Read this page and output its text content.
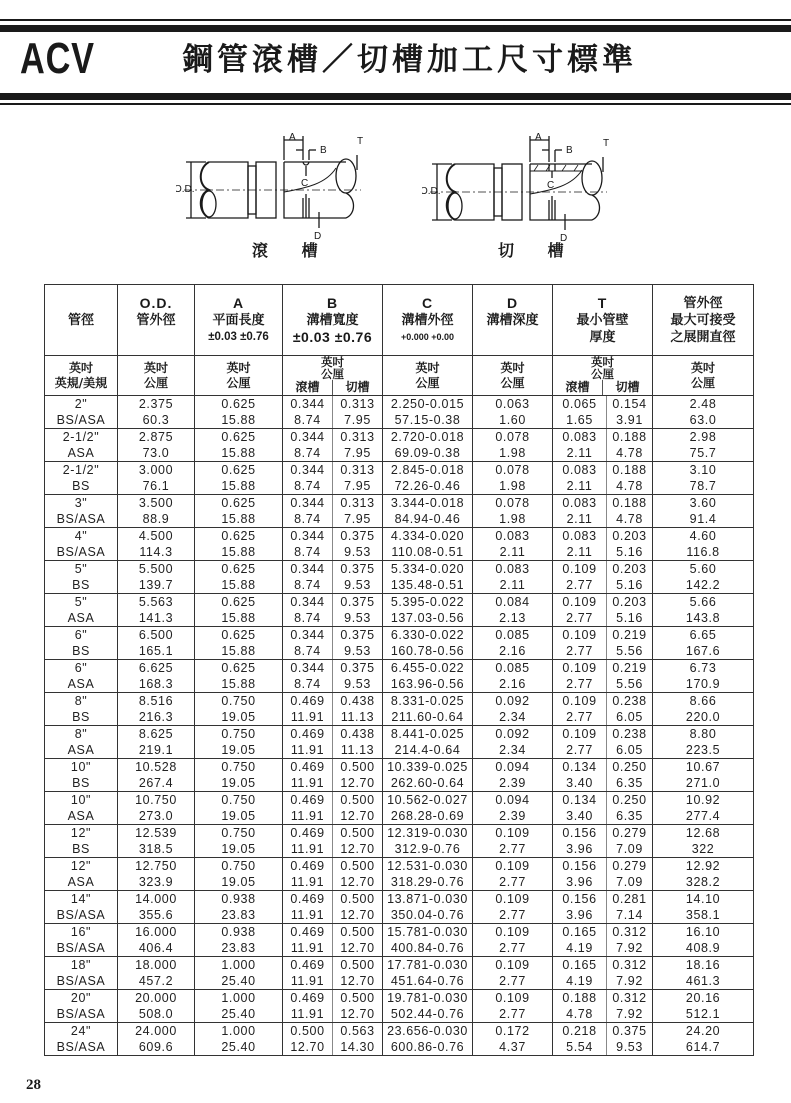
ACV	鋼管滾槽／切槽加工尺寸標準
O.D.
A
B
C
D
T
滾 槽
O.D.
A
B
C
D
T
切 槽
管徑	O.D.
管外徑	A
平面長度
±0.03 ±0.76	B
溝槽寬度
±0.03 ±0.76		C
溝槽外徑
+0.000 +0.00	D
溝槽深度	T
最小管壁
厚度		管外徑
最大可接受
之展開直徑

英吋
英規/美規	英吋
公厘	英吋
公厘	英吋
公厘
滾槽 切槽		英吋
公厘	英吋
公厘	英吋
公厘
滾槽 切槽		英吋
公厘

2"
BS/ASA	2.375
60.3	0.625
15.88	0.344
8.74	0.313
7.95	2.250-0.015
57.15-0.38	0.063
1.60	0.065
1.65	0.154
3.91	2.48
63.0

2-1/2"
ASA	2.875
73.0	0.625
15.88	0.344
8.74	0.313
7.95	2.720-0.018
69.09-0.38	0.078
1.98	0.083
2.11	0.188
4.78	2.98
75.7

2-1/2"
BS	3.000
76.1	0.625
15.88	0.344
8.74	0.313
7.95	2.845-0.018
72.26-0.46	0.078
1.98	0.083
2.11	0.188
4.78	3.10
78.7

3"
BS/ASA	3.500
88.9	0.625
15.88	0.344
8.74	0.313
7.95	3.344-0.018
84.94-0.46	0.078
1.98	0.083
2.11	0.188
4.78	3.60
91.4

4"
BS/ASA	4.500
114.3	0.625
15.88	0.344
8.74	0.375
9.53	4.334-0.020
110.08-0.51	0.083
2.11	0.083
2.11	0.203
5.16	4.60
116.8

5"
BS	5.500
139.7	0.625
15.88	0.344
8.74	0.375
9.53	5.334-0.020
135.48-0.51	0.083
2.11	0.109
2.77	0.203
5.16	5.60
142.2

5"
ASA	5.563
141.3	0.625
15.88	0.344
8.74	0.375
9.53	5.395-0.022
137.03-0.56	0.084
2.13	0.109
2.77	0.203
5.16	5.66
143.8

6"
BS	6.500
165.1	0.625
15.88	0.344
8.74	0.375
9.53	6.330-0.022
160.78-0.56	0.085
2.16	0.109
2.77	0.219
5.56	6.65
167.6

6"
ASA	6.625
168.3	0.625
15.88	0.344
8.74	0.375
9.53	6.455-0.022
163.96-0.56	0.085
2.16	0.109
2.77	0.219
5.56	6.73
170.9

8"
BS	8.516
216.3	0.750
19.05	0.469
11.91	0.438
11.13	8.331-0.025
211.60-0.64	0.092
2.34	0.109
2.77	0.238
6.05	8.66
220.0

8"
ASA	8.625
219.1	0.750
19.05	0.469
11.91	0.438
11.13	8.441-0.025
214.4-0.64	0.092
2.34	0.109
2.77	0.238
6.05	8.80
223.5

10"
BS	10.528
267.4	0.750
19.05	0.469
11.91	0.500
12.70	10.339-0.025
262.60-0.64	0.094
2.39	0.134
3.40	0.250
6.35	10.67
271.0

10"
ASA	10.750
273.0	0.750
19.05	0.469
11.91	0.500
12.70	10.562-0.027
268.28-0.69	0.094
2.39	0.134
3.40	0.250
6.35	10.92
277.4

12"
BS	12.539
318.5	0.750
19.05	0.469
11.91	0.500
12.70	12.319-0.030
312.9-0.76	0.109
2.77	0.156
3.96	0.279
7.09	12.68
322

12"
ASA	12.750
323.9	0.750
19.05	0.469
11.91	0.500
12.70	12.531-0.030
318.29-0.76	0.109
2.77	0.156
3.96	0.279
7.09	12.92
328.2

14"
BS/ASA	14.000
355.6	0.938
23.83	0.469
11.91	0.500
12.70	13.871-0.030
350.04-0.76	0.109
2.77	0.156
3.96	0.281
7.14	14.10
358.1

16"
BS/ASA	16.000
406.4	0.938
23.83	0.469
11.91	0.500
12.70	15.781-0.030
400.84-0.76	0.109
2.77	0.165
4.19	0.312
7.92	16.10
408.9

18"
BS/ASA	18.000
457.2	1.000
25.40	0.469
11.91	0.500
12.70	17.781-0.030
451.64-0.76	0.109
2.77	0.165
4.19	0.312
7.92	18.16
461.3

20"
BS/ASA	20.000
508.0	1.000
25.40	0.469
11.91	0.500
12.70	19.781-0.030
502.44-0.76	0.109
2.77	0.188
4.78	0.312
7.92	20.16
512.1

24"
BS/ASA	24.000
609.6	1.000
25.40	0.500
12.70	0.563
14.30	23.656-0.030
600.86-0.76	0.172
4.37	0.218
5.54	0.375
9.53	24.20
614.7
28
